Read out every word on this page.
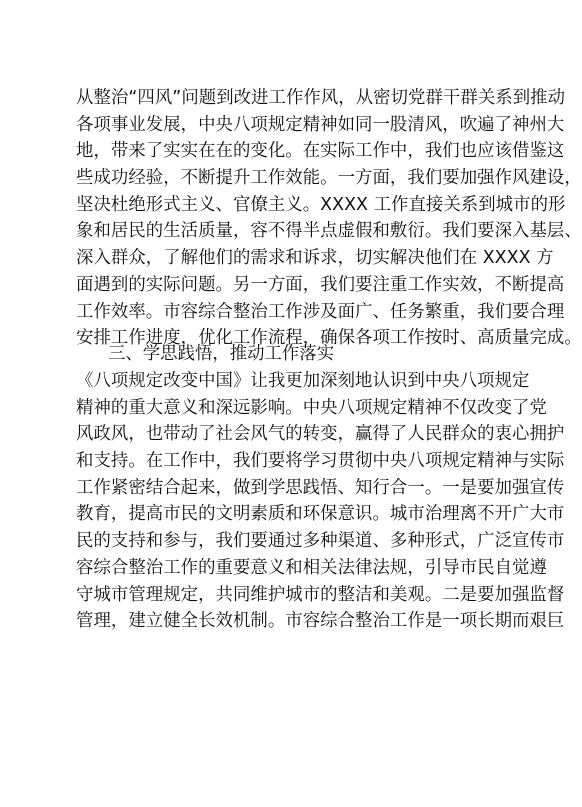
从整治“四风”问题到改进工作作风，从密切党群干群关系到推动
各项事业发展，中央八项规定精神如同一股清风，吹遍了神州大
地，带来了实实在在的变化。在实际工作中，我们也应该借鉴这
些成功经验，不断提升工作效能。一方面，我们要加强作风建设，
坚决杜绝形式主义、官僚主义。XXXX 工作直接关系到城市的形
象和居民的生活质量，容不得半点虚假和敷衍。我们要深入基层、
深入群众，了解他们的需求和诉求，切实解决他们在 XXXX 方
面遇到的实际问题。另一方面，我们要注重工作实效，不断提高
工作效率。市容综合整治工作涉及面广、任务繁重，我们要合理
安排工作进度，优化工作流程，确保各项工作按时、高质量完成。
三、学思践悟，推动工作落实
《八项规定改变中国》让我更加深刻地认识到中央八项规定
精神的重大意义和深远影响。中央八项规定精神不仅改变了党
风政风，也带动了社会风气的转变，赢得了人民群众的衷心拥护
和支持。在工作中，我们要将学习贯彻中央八项规定精神与实际
工作紧密结合起来，做到学思践悟、知行合一。一是要加强宣传
教育，提高市民的文明素质和环保意识。城市治理离不开广大市
民的支持和参与，我们要通过多种渠道、多种形式，广泛宣传市
容综合整治工作的重要意义和相关法律法规，引导市民自觉遵
守城市管理规定，共同维护城市的整洁和美观。二是要加强监督
管理，建立健全长效机制。市容综合整治工作是一项长期而艰巨
